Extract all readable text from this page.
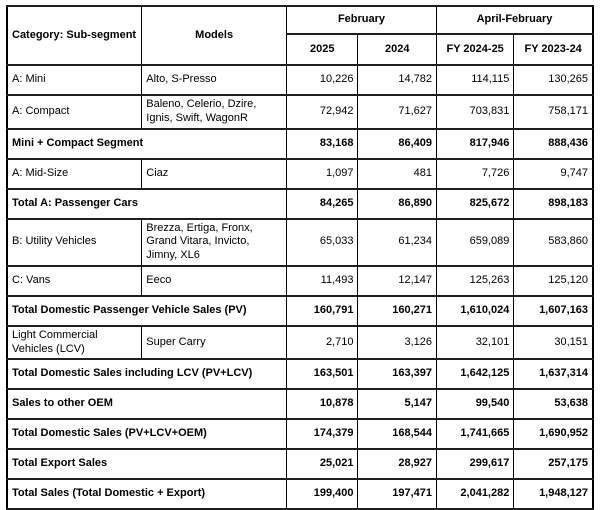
Category: Sub-segment	Models	February		April-February	
		2025	2024	FY 2024-25	FY 2023-24
A: Mini	Alto, S-Presso	10,226	14,782	114,115	130,265
A: Compact	Baleno, Celerio, Dzire, Ignis, Swift, WagonR	72,942	71,627	703,831	758,171
Mini + Compact Segment		83,168	86,409	817,946	888,436
A: Mid-Size	Ciaz	1,097	481	7,726	9,747
Total A: Passenger Cars		84,265	86,890	825,672	898,183
B: Utility Vehicles	Brezza, Ertiga, Fronx, Grand Vitara, Invicto, Jimny, XL6	65,033	61,234	659,089	583,860
C: Vans	Eeco	11,493	12,147	125,263	125,120
Total Domestic Passenger Vehicle Sales (PV)		160,791	160,271	1,610,024	1,607,163
Light Commercial Vehicles (LCV)	Super Carry	2,710	3,126	32,101	30,151
Total Domestic Sales including LCV (PV+LCV)		163,501	163,397	1,642,125	1,637,314
Sales to other OEM		10,878	5,147	99,540	53,638
Total Domestic Sales (PV+LCV+OEM)		174,379	168,544	1,741,665	1,690,952
Total Export Sales		25,021	28,927	299,617	257,175
Total Sales (Total Domestic + Export)		199,400	197,471	2,041,282	1,948,127
